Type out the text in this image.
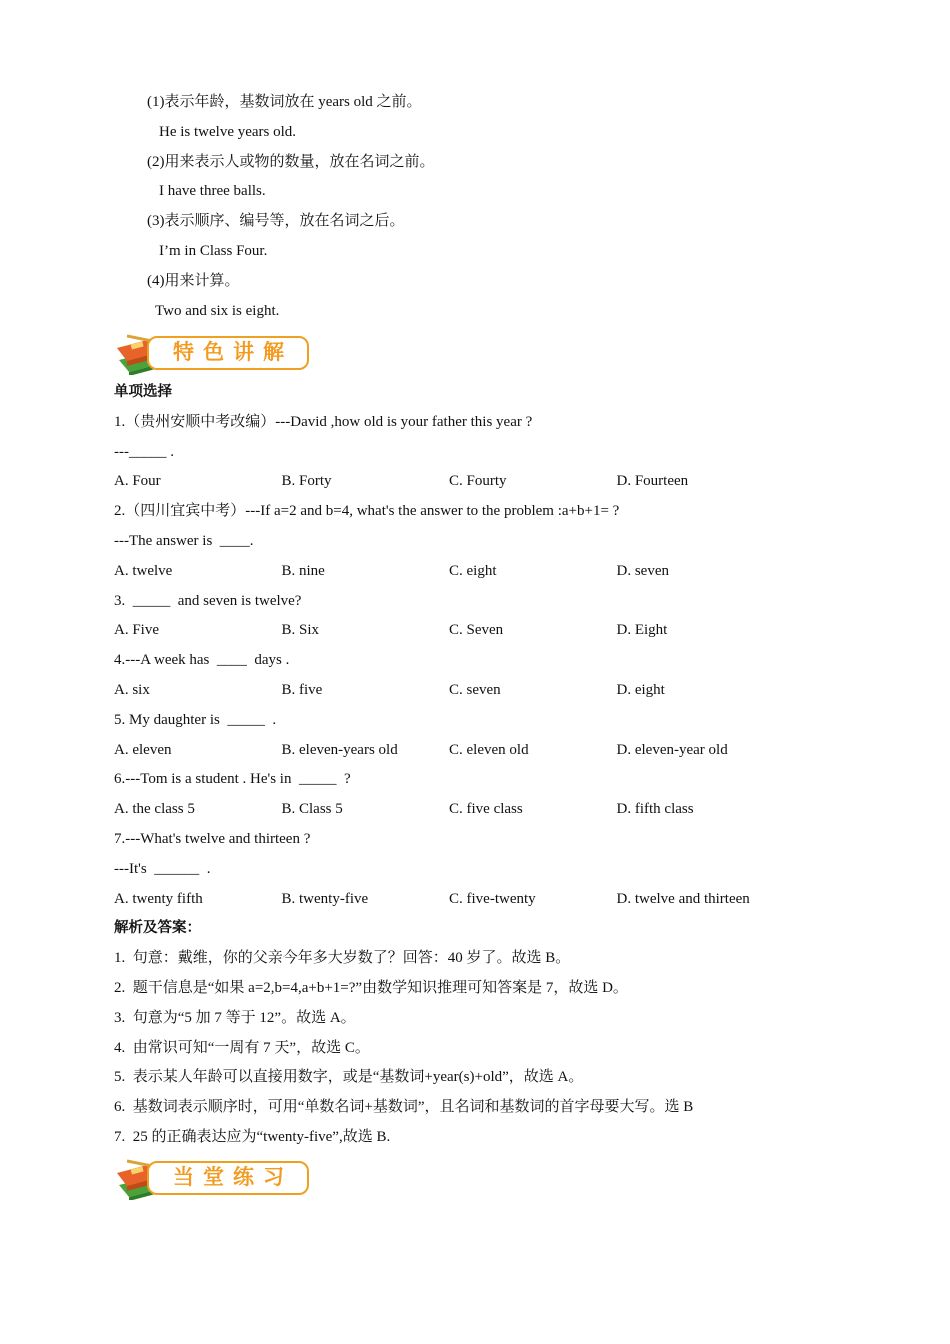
(1)表示年龄，基数词放在 years old 之前。
He is twelve years old.
(2)用来表示人或物的数量，放在名词之前。
I have three balls.
(3)表示顺序、编号等，放在名词之后。
I’m in Class Four.
(4)用来计算。
Two and six is eight.
特色讲解
单项选择
1.（贵州安顺中考改编）---David ,how old is your father this year ?
---_____ .
A. Four	B. Forty	C. Fourty	D. Fourteen
2.（四川宜宾中考）---If a=2 and b=4, what's the answer to the problem :a+b+1= ?
---The answer is  ____.
A. twelve	B. nine	C. eight	D. seven
3.  _____  and seven is twelve?
A. Five	B. Six	C. Seven	D. Eight
4.---A week has  ____  days .
A. six	B. five	C. seven	D. eight
5. My daughter is  _____  .
A. eleven	B. eleven-years old	C. eleven old	D. eleven-year old
6.---Tom is a student . He's in  _____  ?
A. the class 5	B. Class 5	C. five class	D. fifth class
7.---What's twelve and thirteen ?
---It's  ______  .
A. twenty fifth	B. twenty-five	C. five-twenty	D. twelve and thirteen
解析及答案：
1.  句意：戴维，你的父亲今年多大岁数了？回答：40 岁了。故选 B。
2.  题干信息是“如果 a=2,b=4,a+b+1=?”由数学知识推理可知答案是 7，故选 D。
3.  句意为“5 加 7 等于 12”。故选 A。
4.  由常识可知“一周有 7 天”，故选 C。
5.  表示某人年龄可以直接用数字，或是“基数词+year(s)+old”，故选 A。
6.  基数词表示顺序时，可用“单数名词+基数词”，且名词和基数词的首字母要大写。选 B
7.  25 的正确表达应为“twenty-five”,故选 B.
当堂练习
